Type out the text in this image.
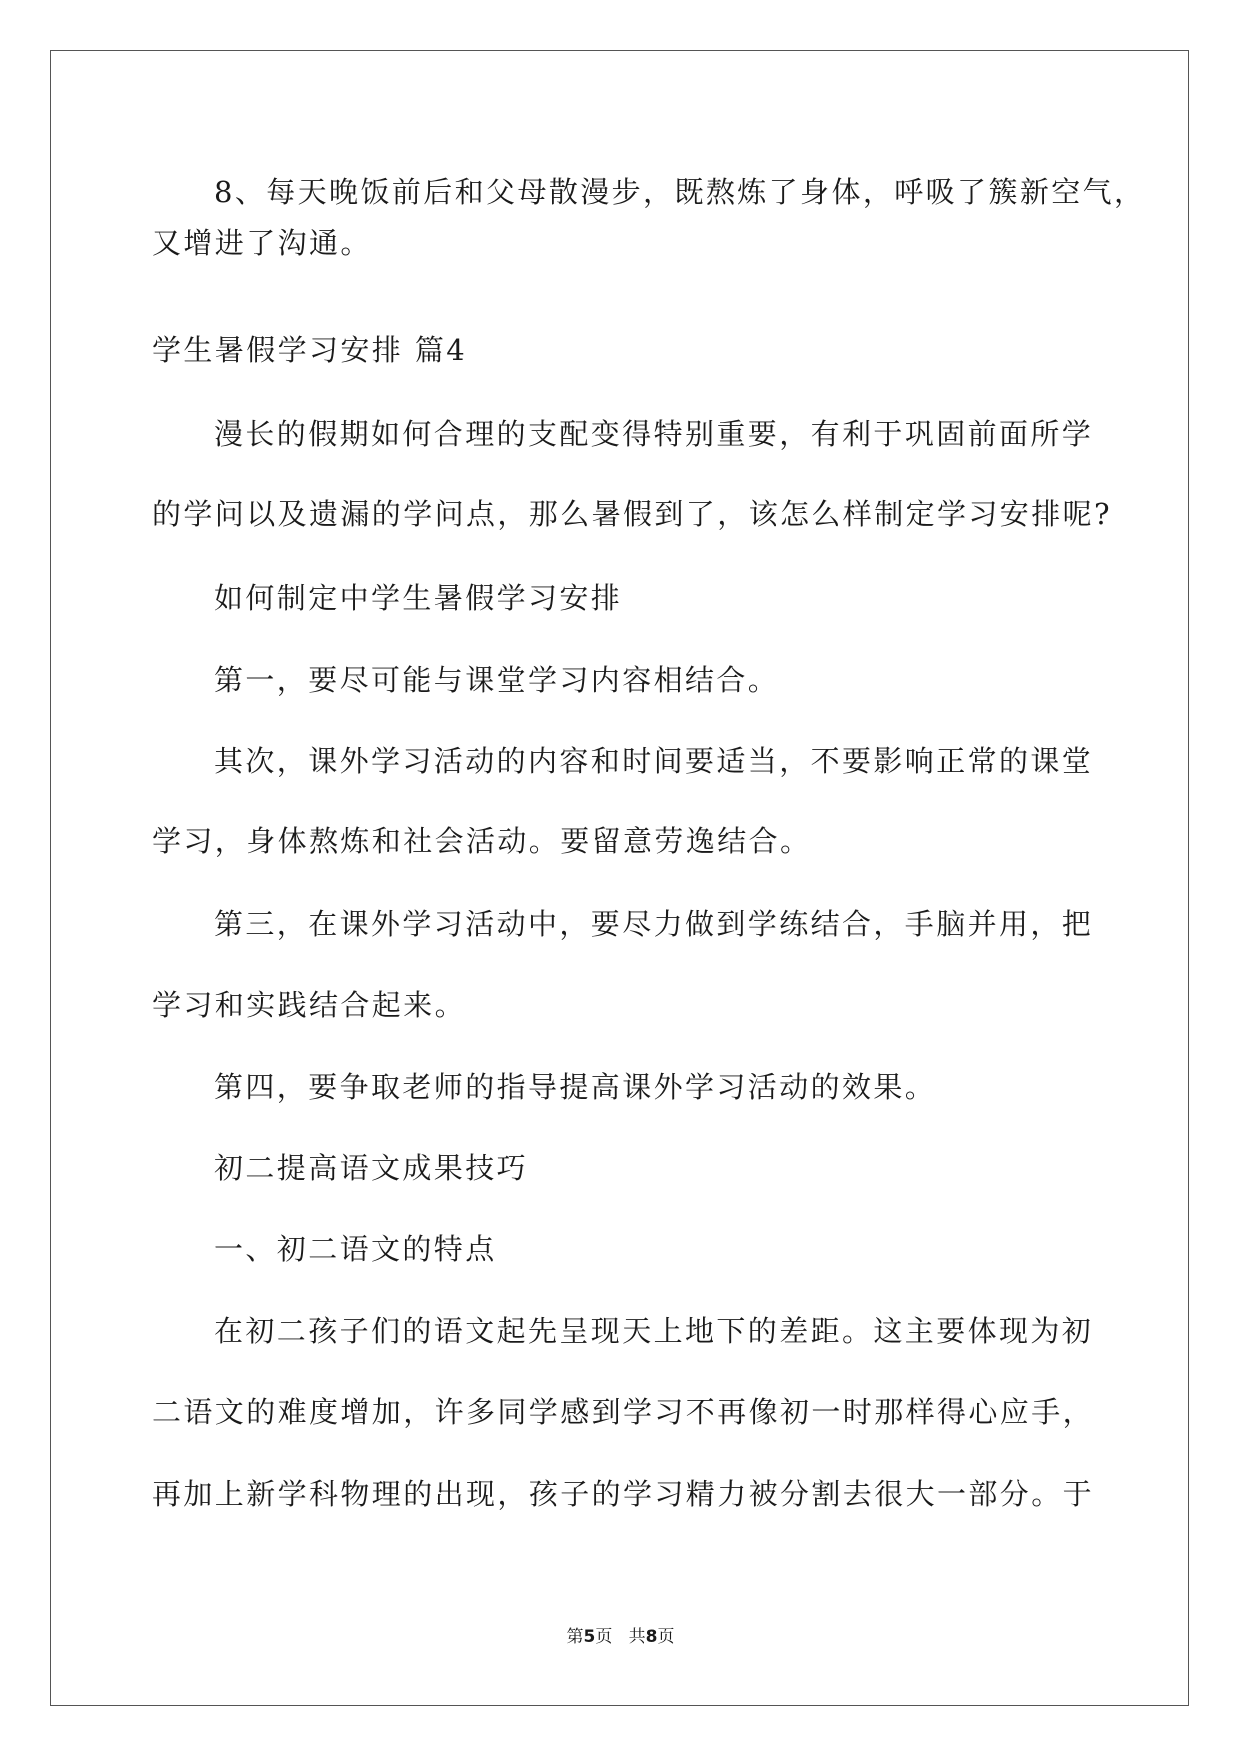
8、每天晚饭前后和父母散漫步，既熬炼了身体，呼吸了簇新空气，
又增进了沟通。
学生暑假学习安排 篇4
漫长的假期如何合理的支配变得特别重要，有利于巩固前面所学
的学问以及遗漏的学问点，那么暑假到了，该怎么样制定学习安排呢?
如何制定中学生暑假学习安排
第一，要尽可能与课堂学习内容相结合。
其次，课外学习活动的内容和时间要适当，不要影响正常的课堂
学习，身体熬炼和社会活动。要留意劳逸结合。
第三，在课外学习活动中，要尽力做到学练结合，手脑并用，把
学习和实践结合起来。
第四，要争取老师的指导提高课外学习活动的效果。
初二提高语文成果技巧
一、初二语文的特点
在初二孩子们的语文起先呈现天上地下的差距。这主要体现为初
二语文的难度增加，许多同学感到学习不再像初一时那样得心应手，
再加上新学科物理的出现，孩子的学习精力被分割去很大一部分。于
第5页   共8页
